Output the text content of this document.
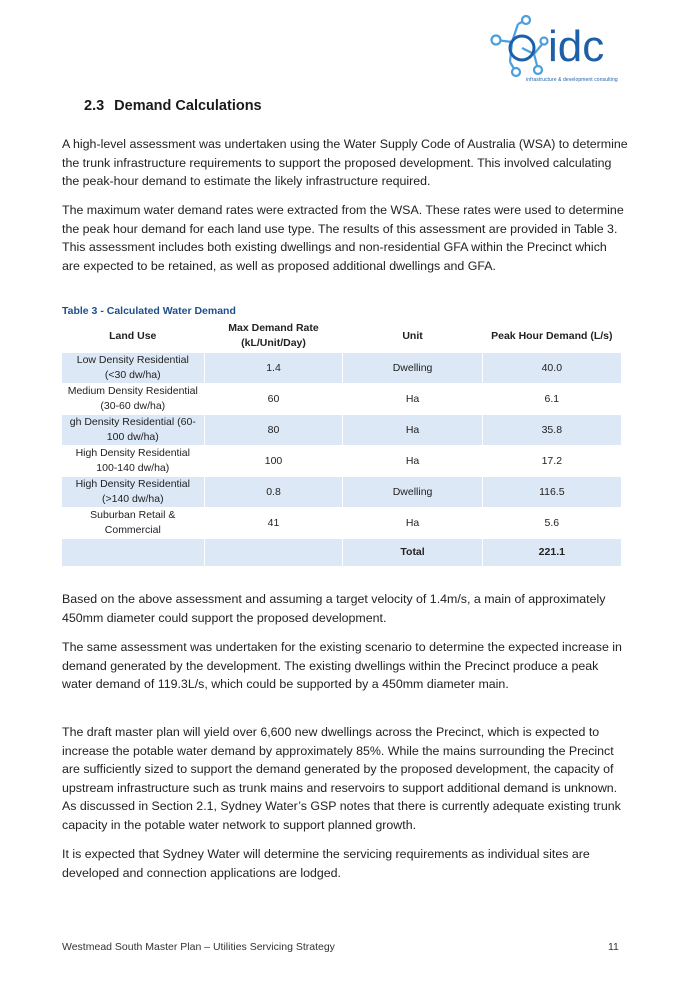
idc
infrastructure & development consulting
2.3 Demand Calculations

A high-level assessment was undertaken using the Water Supply Code of Australia (WSA) to determine the trunk infrastructure requirements to support the proposed development. This involved calculating the peak-hour demand to estimate the likely infrastructure required.

The maximum water demand rates were extracted from the WSA. These rates were used to determine the peak hour demand for each land use type. The results of this assessment are provided in Table 3. This assessment includes both existing dwellings and non-residential GFA within the Precinct which are expected to be retained, as well as proposed additional dwellings and GFA.

Table 3 - Calculated Water Demand
Land Use	Max Demand Rate (kL/Unit/Day)	Unit	Peak Hour Demand (L/s)
Low Density Residential (<30 dw/ha)	1.4	Dwelling	40.0
Medium Density Residential (30-60 dw/ha)	60	Ha	6.1
gh Density Residential (60-100 dw/ha)	80	Ha	35.8
High Density Residential 100-140 dw/ha)	100	Ha	17.2
High Density Residential (>140 dw/ha)	0.8	Dwelling	116.5
Suburban Retail & Commercial	41	Ha	5.6
		Total	221.1

Based on the above assessment and assuming a target velocity of 1.4m/s, a main of approximately 450mm diameter could support the proposed development.

The same assessment was undertaken for the existing scenario to determine the expected increase in demand generated by the development. The existing dwellings within the Precinct produce a peak water demand of 119.3L/s, which could be supported by a 450mm diameter main.

The draft master plan will yield over 6,600 new dwellings across the Precinct, which is expected to increase the potable water demand by approximately 85%. While the mains surrounding the Precinct are sufficiently sized to support the demand generated by the proposed development, the capacity of upstream infrastructure such as trunk mains and reservoirs to support additional demand is unknown. As discussed in Section 2.1, Sydney Water’s GSP notes that there is currently adequate existing trunk capacity in the potable water network to support planned growth.

It is expected that Sydney Water will determine the servicing requirements as individual sites are developed and connection applications are lodged.

Westmead South Master Plan – Utilities Servicing Strategy	11
